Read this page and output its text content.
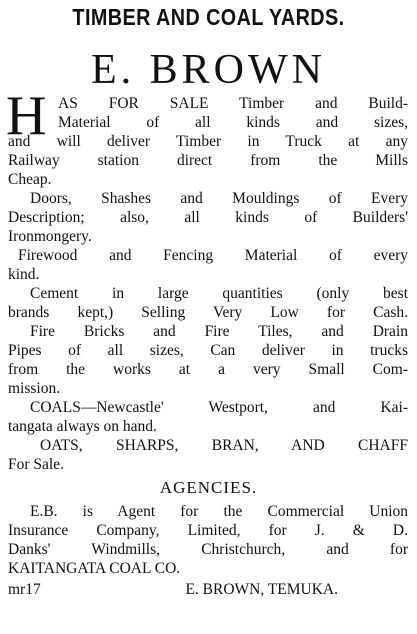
TIMBER AND COAL YARDS.
E. BROWN
H AS FOR SALE Timber and Build-
Material of all kinds and sizes,
and will deliver Timber in Truck at any
Railway station direct from the Mills
Cheap.
Doors, Shashes and Mouldings of Every
Description; also, all kinds of Builders'
Ironmongery.
Firewood and Fencing Material of every
kind.
Cement in large quantities (only best
brands kept,) Selling Very Low for Cash.
Fire Bricks and Fire Tiles, and Drain
Pipes of all sizes, Can deliver in trucks
from the works at a very Small Com-
mission.
COALS—Newcastle' Westport, and Kai-
tangata always on hand.
OATS, SHARPS, BRAN, AND CHAFF
For Sale.
AGENCIES.
E.B. is Agent for the Commercial Union
Insurance Company, Limited, for J. & D.
Danks' Windmills, Christchurch, and for
KAITANGATA COAL CO.
mr17	E. BROWN, TEMUKA.
